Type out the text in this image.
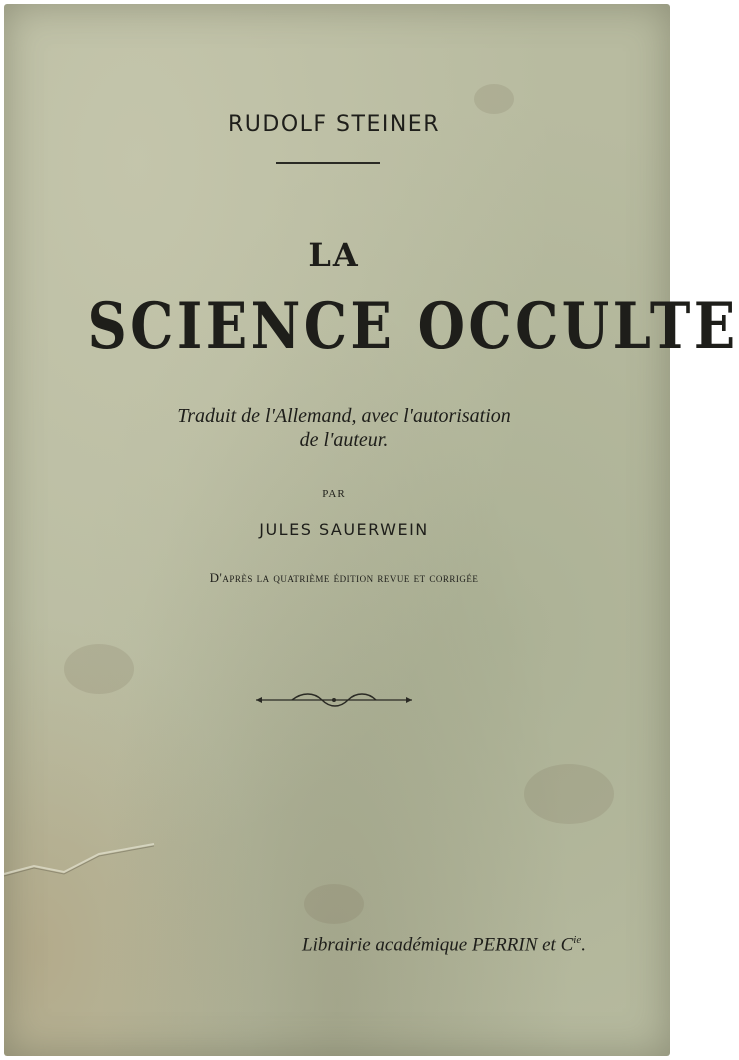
RUDOLF STEINER
LA
SCIENCE OCCULTE
Traduit de l'Allemand, avec l'autorisation
de l'auteur.
PAR
JULES SAUERWEIN
D'après la quatrième édition revue et corrigée
Librairie académique PERRIN et $C^{ie}$.
